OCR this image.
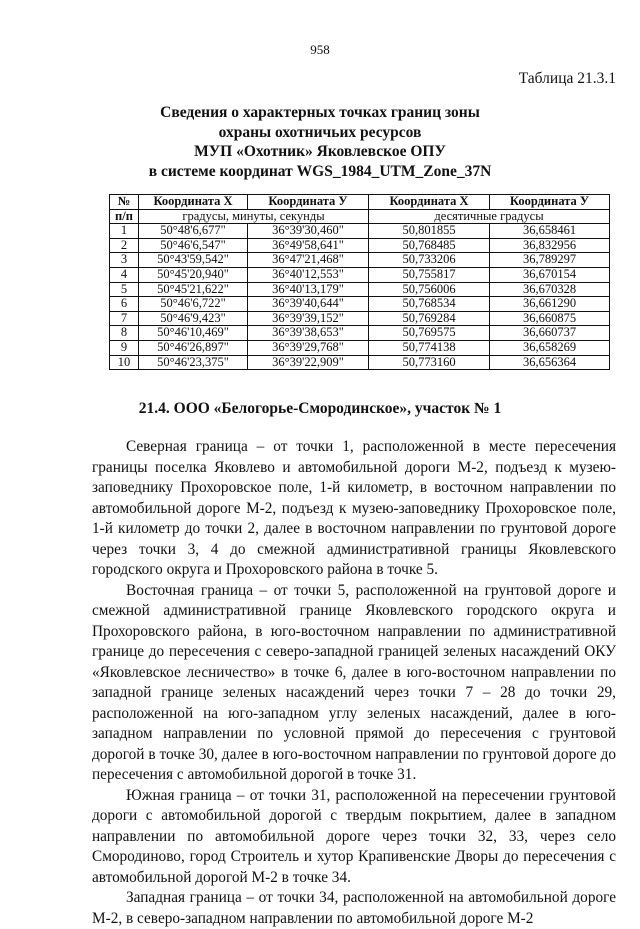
958
Таблица 21.3.1
Сведения о характерных точках границ зоны
охраны охотничьих ресурсов
МУП «Охотник» Яковлевское ОПУ
в системе координат WGS_1984_UTM_Zone_37N
№	Координата X	Координата У	Координата X	Координата У
п/п	градусы, минуты, секунды		десятичные градусы	
1	50°48'6,677"	36°39'30,460"	50,801855	36,658461
2	50°46'6,547"	36°49'58,641"	50,768485	36,832956
3	50°43'59,542"	36°47'21,468"	50,733206	36,789297
4	50°45'20,940"	36°40'12,553"	50,755817	36,670154
5	50°45'21,622"	36°40'13,179"	50,756006	36,670328
6	50°46'6,722"	36°39'40,644"	50,768534	36,661290
7	50°46'9,423"	36°39'39,152"	50,769284	36,660875
8	50°46'10,469"	36°39'38,653"	50,769575	36,660737
9	50°46'26,897"	36°39'29,768"	50,774138	36,658269
10	50°46'23,375"	36°39'22,909"	50,773160	36,656364
21.4. ООО «Белогорье-Смородинское», участок № 1

Северная граница – от точки 1, расположенной в месте пересечения границы поселка Яковлево и автомобильной дороги М-2, подъезд к музею-заповеднику Прохоровское поле, 1-й километр, в восточном направлении по автомобильной дороге М-2, подъезд к музею-заповеднику Прохоровское поле, 1-й километр до точки 2, далее в восточном направлении по грунтовой дороге через точки 3, 4 до смежной административной границы Яковлевского городского округа и Прохоровского района в точке 5.

Восточная граница – от точки 5, расположенной на грунтовой дороге и смежной административной границе Яковлевского городского округа и Прохоровского района, в юго-восточном направлении по административной границе до пересечения с северо-западной границей зеленых насаждений ОКУ «Яковлевское лесничество» в точке 6, далее в юго-восточном направлении по западной границе зеленых насаждений через точки 7 – 28 до точки 29, расположенной на юго-западном углу зеленых насаждений, далее в юго-западном направлении по условной прямой до пересечения с грунтовой дорогой в точке 30, далее в юго-восточном направлении по грунтовой дороге до пересечения с автомобильной дорогой в точке 31.

Южная граница – от точки 31, расположенной на пересечении грунтовой дороги с автомобильной дорогой с твердым покрытием, далее в западном направлении по автомобильной дороге через точки 32, 33, через село Смородиново, город Строитель и хутор Крапивенские Дворы до пересечения с автомобильной дорогой М-2 в точке 34.

Западная граница – от точки 34, расположенной на автомобильной дороге М-2, в северо-западном направлении по автомобильной дороге М-2
